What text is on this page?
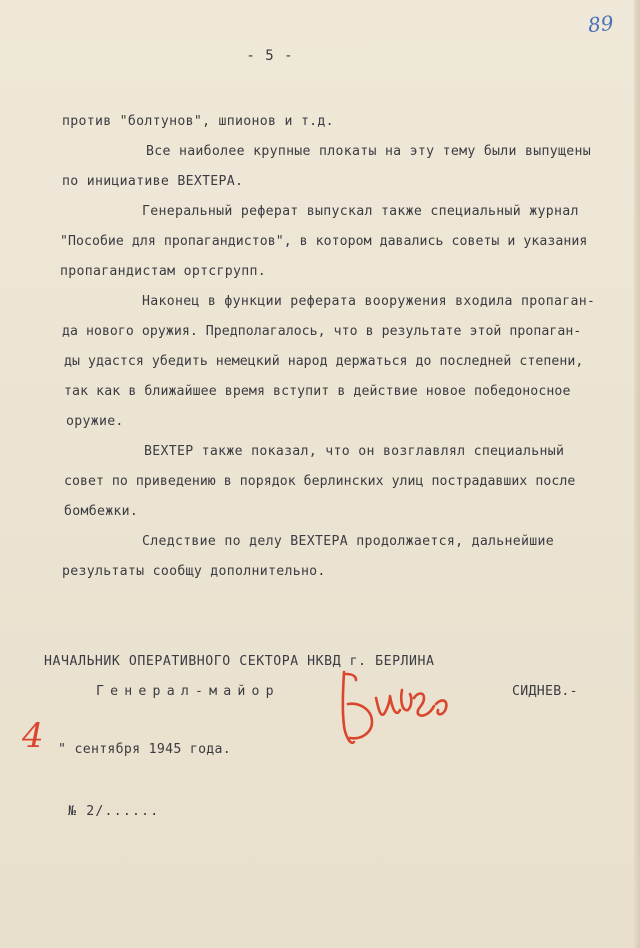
89
- 5 -
против "болтунов", шпионов и т.д.
Все наиболее крупные плокаты на эту тему были выпущены
по инициативе ВЕХТЕРА.
Генеральный реферат выпускал также специальный журнал
"Пособие для пропагандистов", в котором давались советы и указания
пропагандистам ортсгрупп.
Наконец в функции реферата вооружения входила пропаган-
да нового оружия. Предполагалось, что в результате этой пропаган-
ды удастся убедить немецкий народ держаться до последней степени,
так как в ближайшее время вступит в действие новое победоносное
оружие.
ВЕХТЕР также показал, что он возглавлял специальный
совет по приведению в порядок берлинских улиц пострадавших после
бомбежки.
Следствие по делу ВЕХТЕРА продолжается, дальнейшие
результаты сообщу дополнительно.
НАЧАЛЬНИК ОПЕРАТИВНОГО СЕКТОРА НКВД г. БЕРЛИНА
Генерал-майор	СИДНЕВ.-
4 " сентября 1945 года.
№ 2/......
